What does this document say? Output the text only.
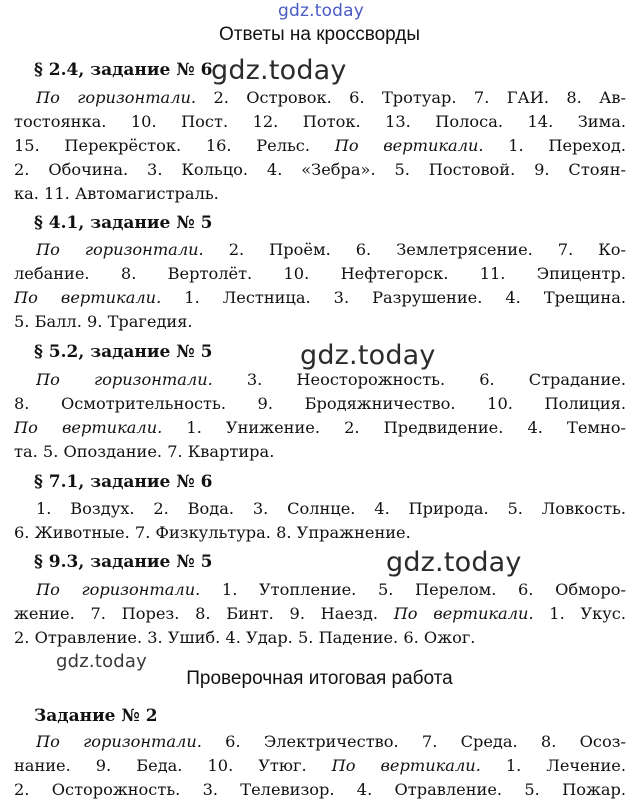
gdz.today
Ответы на кроссворды
§ 2.4, задание № 6
gdz.today
По горизонтали. 2. Островок. 6. Тротуар. 7. ГАИ. 8. Ав-
тостоянка. 10. Пост. 12. Поток. 13. Полоса. 14. Зима.
15. Перекрёсток. 16. Рельс. По вертикали. 1. Переход.
2. Обочина. 3. Кольцо. 4. «Зебра». 5. Постовой. 9. Стоян-
ка. 11. Автомагистраль.
§ 4.1, задание № 5
По горизонтали. 2. Проём. 6. Землетрясение. 7. Ко-
лебание. 8. Вертолёт. 10. Нефтегорск. 11. Эпицентр.
По вертикали. 1. Лестница. 3. Разрушение. 4. Трещина.
5. Балл. 9. Трагедия.
§ 5.2, задание № 5	gdz.today
По горизонтали. 3. Неосторожность. 6. Страдание.
8. Осмотрительность. 9. Бродяжничество. 10. Полиция.
По вертикали. 1. Унижение. 2. Предвидение. 4. Темно-
та. 5. Опоздание. 7. Квартира.
§ 7.1, задание № 6
1. Воздух. 2. Вода. 3. Солнце. 4. Природа. 5. Ловкость.
6. Животные. 7. Физкультура. 8. Упражнение.
§ 9.3, задание № 5	gdz.today
По горизонтали. 1. Утопление. 5. Перелом. 6. Обморо-
жение. 7. Порез. 8. Бинт. 9. Наезд. По вертикали. 1. Укус.
2. Отравление. 3. Ушиб. 4. Удар. 5. Падение. 6. Ожог.
gdz.today
Проверочная итоговая работа
Задание № 2
По горизонтали. 6. Электричество. 7. Среда. 8. Осоз-
нание. 9. Беда. 10. Утюг. По вертикали. 1. Лечение.
2. Осторожность. 3. Телевизор. 4. Отравление. 5. Пожар.
